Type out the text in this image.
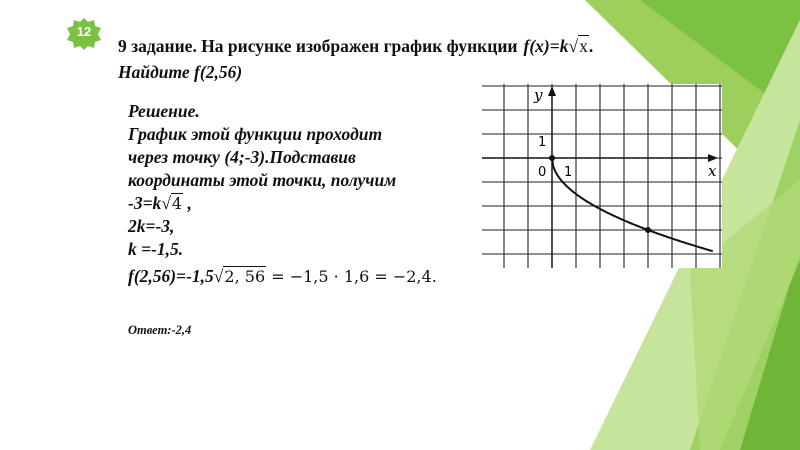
12
9 задание. На рисунке изображен график функции f(x)=k√x.
Найдите f(2,56)
Решение.
График этой функции проходит
через точку (4;-3).Подставив
координаты этой точки, получим
-3=k√4 ,
2k=-3,
k =-1,5.
f(2,56)=-1,5√2, 56 = −1,5 · 1,6 = −2,4.
Ответ:-2,4
x
y
0 1
1
